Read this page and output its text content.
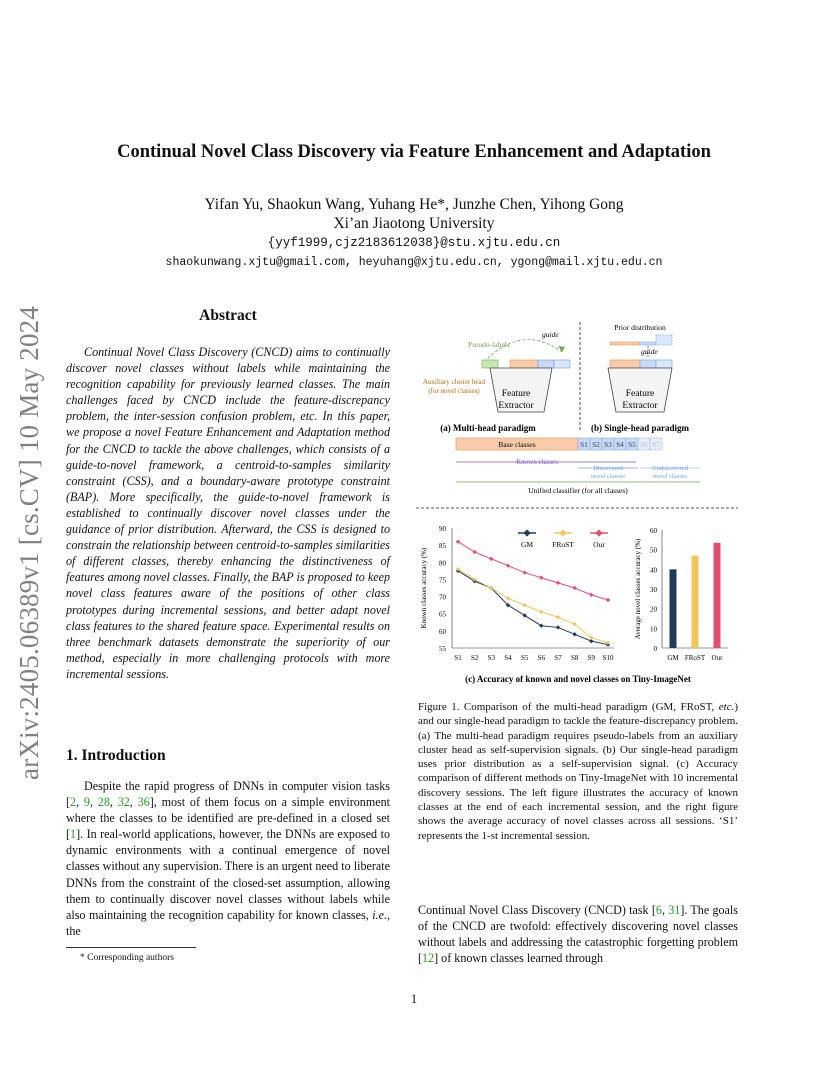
arXiv:2405.06389v1 [cs.CV] 10 May 2024
Continual Novel Class Discovery via Feature Enhancement and Adaptation
Yifan Yu, Shaokun Wang, Yuhang He*, Junzhe Chen, Yihong Gong
Xi’an Jiaotong University
{yyf1999,cjz2183612038}@stu.xjtu.edu.cn
shaokunwang.xjtu@gmail.com, heyuhang@xjtu.edu.cn, ygong@mail.xjtu.edu.cn
Abstract
Continual Novel Class Discovery (CNCD) aims to continually discover novel classes without labels while maintaining the recognition capability for previously learned classes. The main challenges faced by CNCD include the feature-discrepancy problem, the inter-session confusion problem, etc. In this paper, we propose a novel Feature Enhancement and Adaptation method for the CNCD to tackle the above challenges, which consists of a guide-to-novel framework, a centroid-to-samples similarity constraint (CSS), and a boundary-aware prototype constraint (BAP). More specifically, the guide-to-novel framework is established to continually discover novel classes under the guidance of prior distribution. Afterward, the CSS is designed to constrain the relationship between centroid-to-samples similarities of different classes, thereby enhancing the distinctiveness of features among novel classes. Finally, the BAP is proposed to keep novel class features aware of the positions of other class prototypes during incremental sessions, and better adapt novel class features to the shared feature space. Experimental results on three benchmark datasets demonstrate the superiority of our method, especially in more challenging protocols with more incremental sessions.
1. Introduction
Despite the rapid progress of DNNs in computer vision tasks [2, 9, 28, 32, 36], most of them focus on a simple environment where the classes to be identified are pre-defined in a closed set [1]. In real-world applications, however, the DNNs are exposed to dynamic environments with a continual emergence of novel classes without any supervision. There is an urgent need to liberate DNNs from the constraint of the closed-set assumption, allowing them to continually discover novel classes without labels while also maintaining the recognition capability for known classes, i.e., the
* Corresponding authors
1
guide
Pseudo-labels
Feature
Extractor
Auxiliary cluster head
(for novel classes)
(a) Multi-head paradigm
Prior distribution
guide
Feature
Extractor
(b) Single-head paradigm
Base classes	S1 S2 S3 S4 S5 S6 S7
Known classes
Discovered
novel classes
Undiscovered
novel classes
Unified classifier (for all classes)
55
60
65
70
75
80
85
90
S1 S2 S3 S4 S5 S6 S7 S8 S9 S10
Known classes accuracy (%)
GM	FRoST	Our
0
10
20
30
40
50
60
Average novel classes accuracy (%)
GM FRoST Our
(c) Accuracy of known and novel classes on Tiny-ImageNet
Figure 1. Comparison of the multi-head paradigm (GM, FRoST, etc.) and our single-head paradigm to tackle the feature-discrepancy problem. (a) The multi-head paradigm requires pseudo-labels from an auxiliary cluster head as self-supervision signals. (b) Our single-head paradigm uses prior distribution as a self-supervision signal. (c) Accuracy comparison of different methods on Tiny-ImageNet with 10 incremental discovery sessions. The left figure illustrates the accuracy of known classes at the end of each incremental session, and the right figure shows the average accuracy of novel classes across all sessions. ‘S1’ represents the 1-st incremental session.
Continual Novel Class Discovery (CNCD) task [6, 31]. The goals of the CNCD are twofold: effectively discovering novel classes without labels and addressing the catastrophic forgetting problem [12] of known classes learned through
